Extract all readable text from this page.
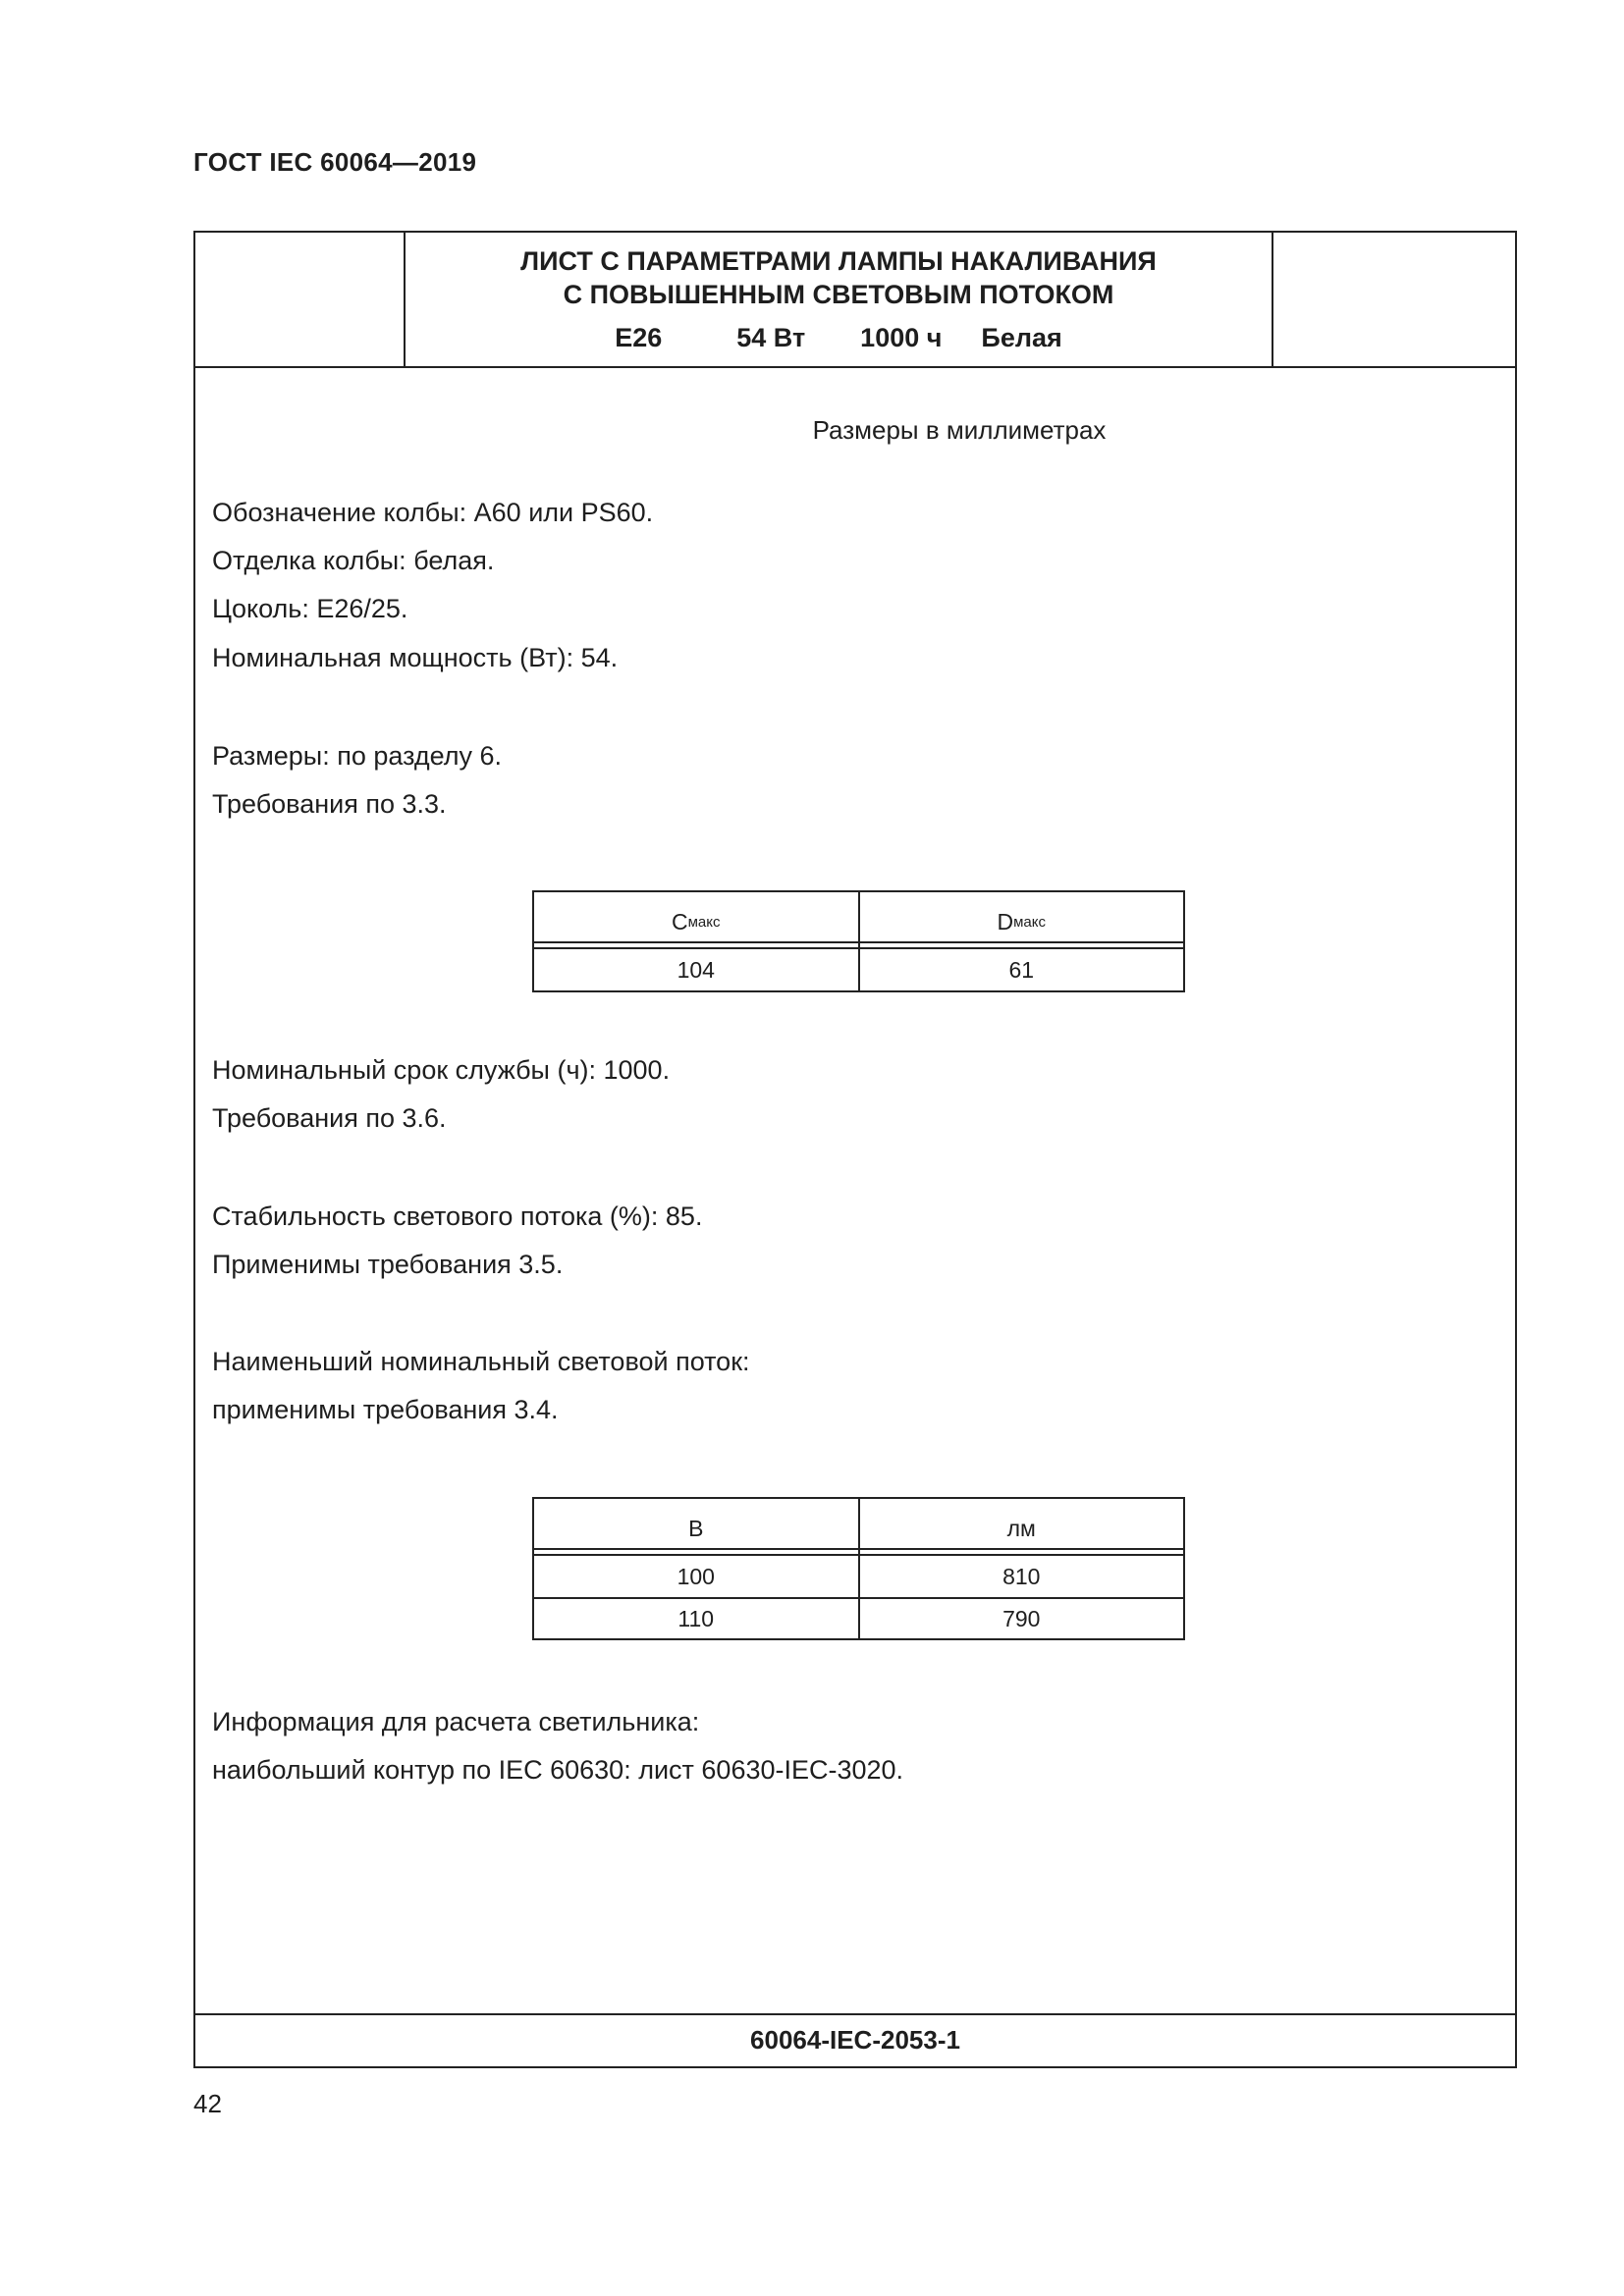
ГОСТ IEC 60064—2019
ЛИСТ С ПАРАМЕТРАМИ ЛАМПЫ НАКАЛИВАНИЯ
С ПОВЫШЕННЫМ СВЕТОВЫМ ПОТОКОМ
E26	54 Вт 1000 ч Белая
Размеры в миллиметрах
Обозначение колбы: A60 или PS60.
Отделка колбы: белая.
Цоколь: E26/25.
Номинальная мощность (Вт): 54.
Размеры: по разделу 6.
Требования по 3.3.
C макс	D макс
104	61
Номинальный срок службы (ч): 1000.
Требования по 3.6.
Стабильность светового потока (%): 85.
Применимы требования 3.5.
Наименьший номинальный световой поток:
применимы требования 3.4.
В	лм
100	810
110	790
Информация для расчета светильника:
наибольший контур по IEC 60630: лист 60630-IEC-3020.
60064-IEC-2053-1
42
